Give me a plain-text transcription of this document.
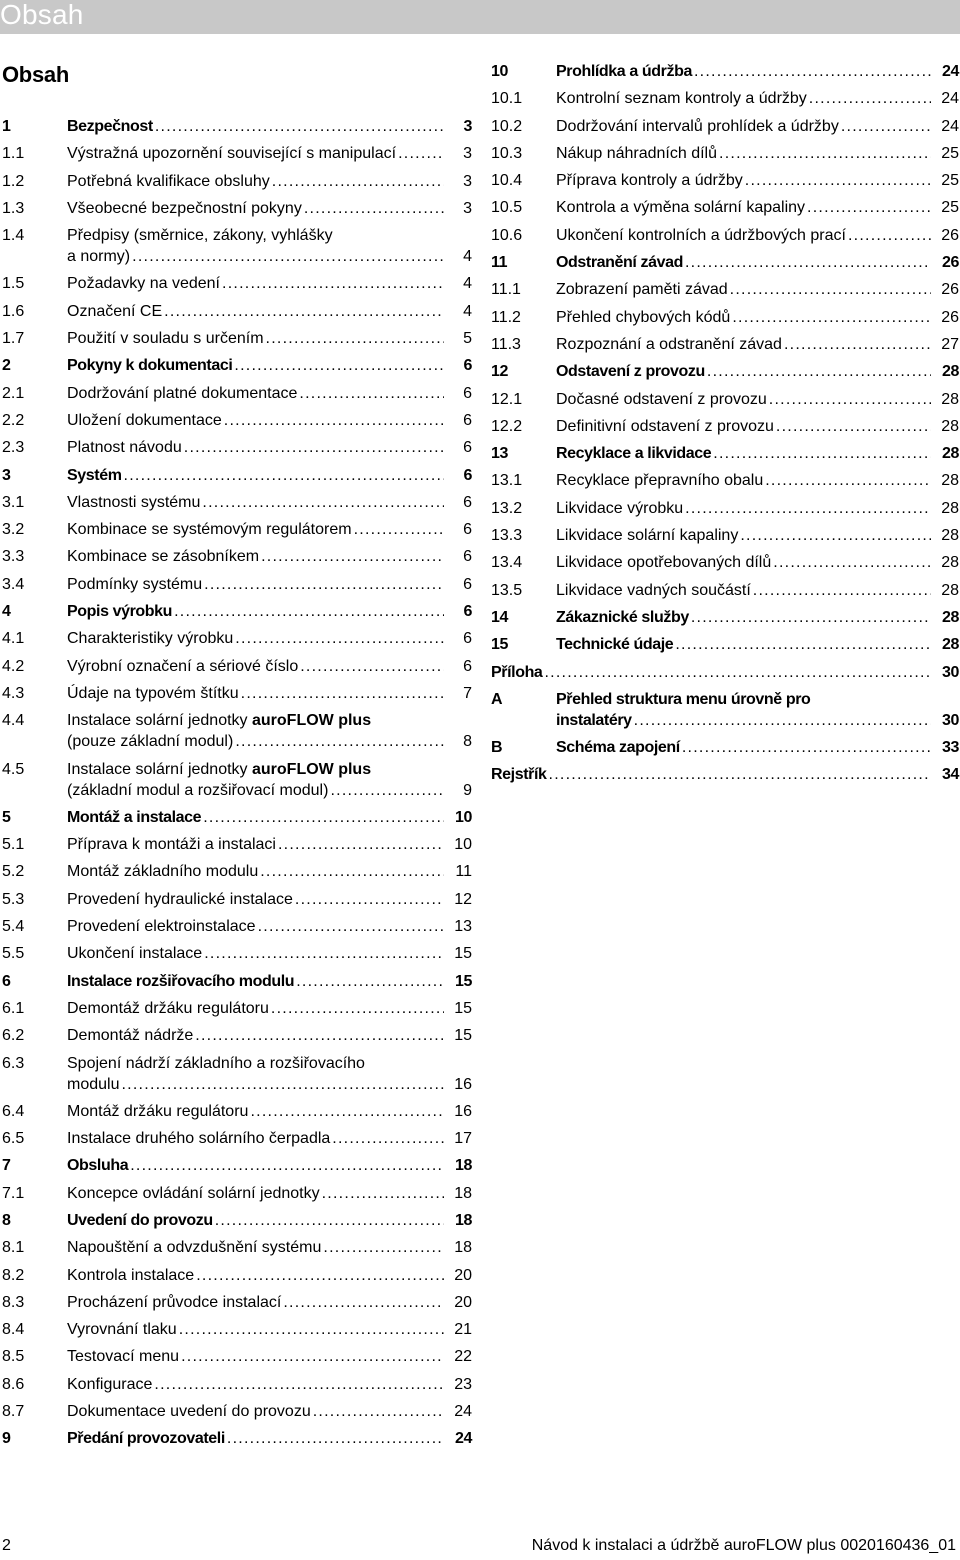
Obsah
Obsah
1	Bezpečnost . . .	3
1.1	Výstražná upozornění související s manipulací . . .	3
1.2	Potřebná kvalifikace obsluhy . . .	3
1.3	Všeobecné bezpečnostní pokyny . . .	3
1.4	Předpisy (směrnice, zákony, vyhlášky
a normy) . . .	4
1.5	Požadavky na vedení . . .	4
1.6	Označení CE . . .	4
1.7	Použití v souladu s určením . . .	5
2	Pokyny k dokumentaci . . .	6
2.1	Dodržování platné dokumentace . . .	6
2.2	Uložení dokumentace . . .	6
2.3	Platnost návodu . . .	6
3	Systém . . .	6
3.1	Vlastnosti systému . . .	6
3.2	Kombinace se systémovým regulátorem . . .	6
3.3	Kombinace se zásobníkem . . .	6
3.4	Podmínky systému . . .	6
4	Popis výrobku . . .	6
4.1	Charakteristiky výrobku . . .	6
4.2	Výrobní označení a sériové číslo . . .	6
4.3	Údaje na typovém štítku . . .	7
4.4	Instalace solární jednotky auroFLOW plus
(pouze základní modul) . . .	8
4.5	Instalace solární jednotky auroFLOW plus
(základní modul a rozšiřovací modul) . . .	9
5	Montáž a instalace . . .	10
5.1	Příprava k montáži a instalaci . . .	10
5.2	Montáž základního modulu . . .	11
5.3	Provedení hydraulické instalace . . .	12
5.4	Provedení elektroinstalace . . .	13
5.5	Ukončení instalace . . .	15
6	Instalace rozšiřovacího modulu . . .	15
6.1	Demontáž držáku regulátoru . . .	15
6.2	Demontáž nádrže . . .	15
6.3	Spojení nádrží základního a rozšiřovacího
modulu . . .	16
6.4	Montáž držáku regulátoru . . .	16
6.5	Instalace druhého solárního čerpadla . . .	17
7	Obsluha . . .	18
7.1	Koncepce ovládání solární jednotky . . .	18
8	Uvedení do provozu . . .	18
8.1	Napouštění a odvzdušnění systému . . .	18
8.2	Kontrola instalace . . .	20
8.3	Procházení průvodce instalací . . .	20
8.4	Vyrovnání tlaku . . .	21
8.5	Testovací menu . . .	22
8.6	Konfigurace . . .	23
8.7	Dokumentace uvedení do provozu . . .	24
9	Předání provozovateli . . .	24
10	Prohlídka a údržba . . .	24
10.1 Kontrolní seznam kontroly a údržby . . .	24
10.2 Dodržování intervalů prohlídek a údržby . . .	24
10.3 Nákup náhradních dílů . . .	25
10.4 Příprava kontroly a údržby . . .	25
10.5 Kontrola a výměna solární kapaliny . . .	25
10.6 Ukončení kontrolních a údržbových prací . . .	26
11	Odstranění závad . . .	26
11.1 Zobrazení paměti závad . . .	26
11.2 Přehled chybových kódů . . .	26
11.3 Rozpoznání a odstranění závad . . .	27
12	Odstavení z provozu . . .	28
12.1 Dočasné odstavení z provozu . . .	28
12.2 Definitivní odstavení z provozu . . .	28
13	Recyklace a likvidace . . .	28
13.1 Recyklace přepravního obalu . . .	28
13.2 Likvidace výrobku . . .	28
13.3 Likvidace solární kapaliny . . .	28
13.4 Likvidace opotřebovaných dílů . . .	28
13.5 Likvidace vadných součástí . . .	28
14	Zákaznické služby . . .	28
15	Technické údaje . . .	28
Příloha . . .	30
A	Přehled struktura menu úrovně pro
instalatéry . . .	30
B	Schéma zapojení . . .	33
Rejstřík . . .	34
2	Návod k instalaci a údržbě auroFLOW plus 0020160436_01
